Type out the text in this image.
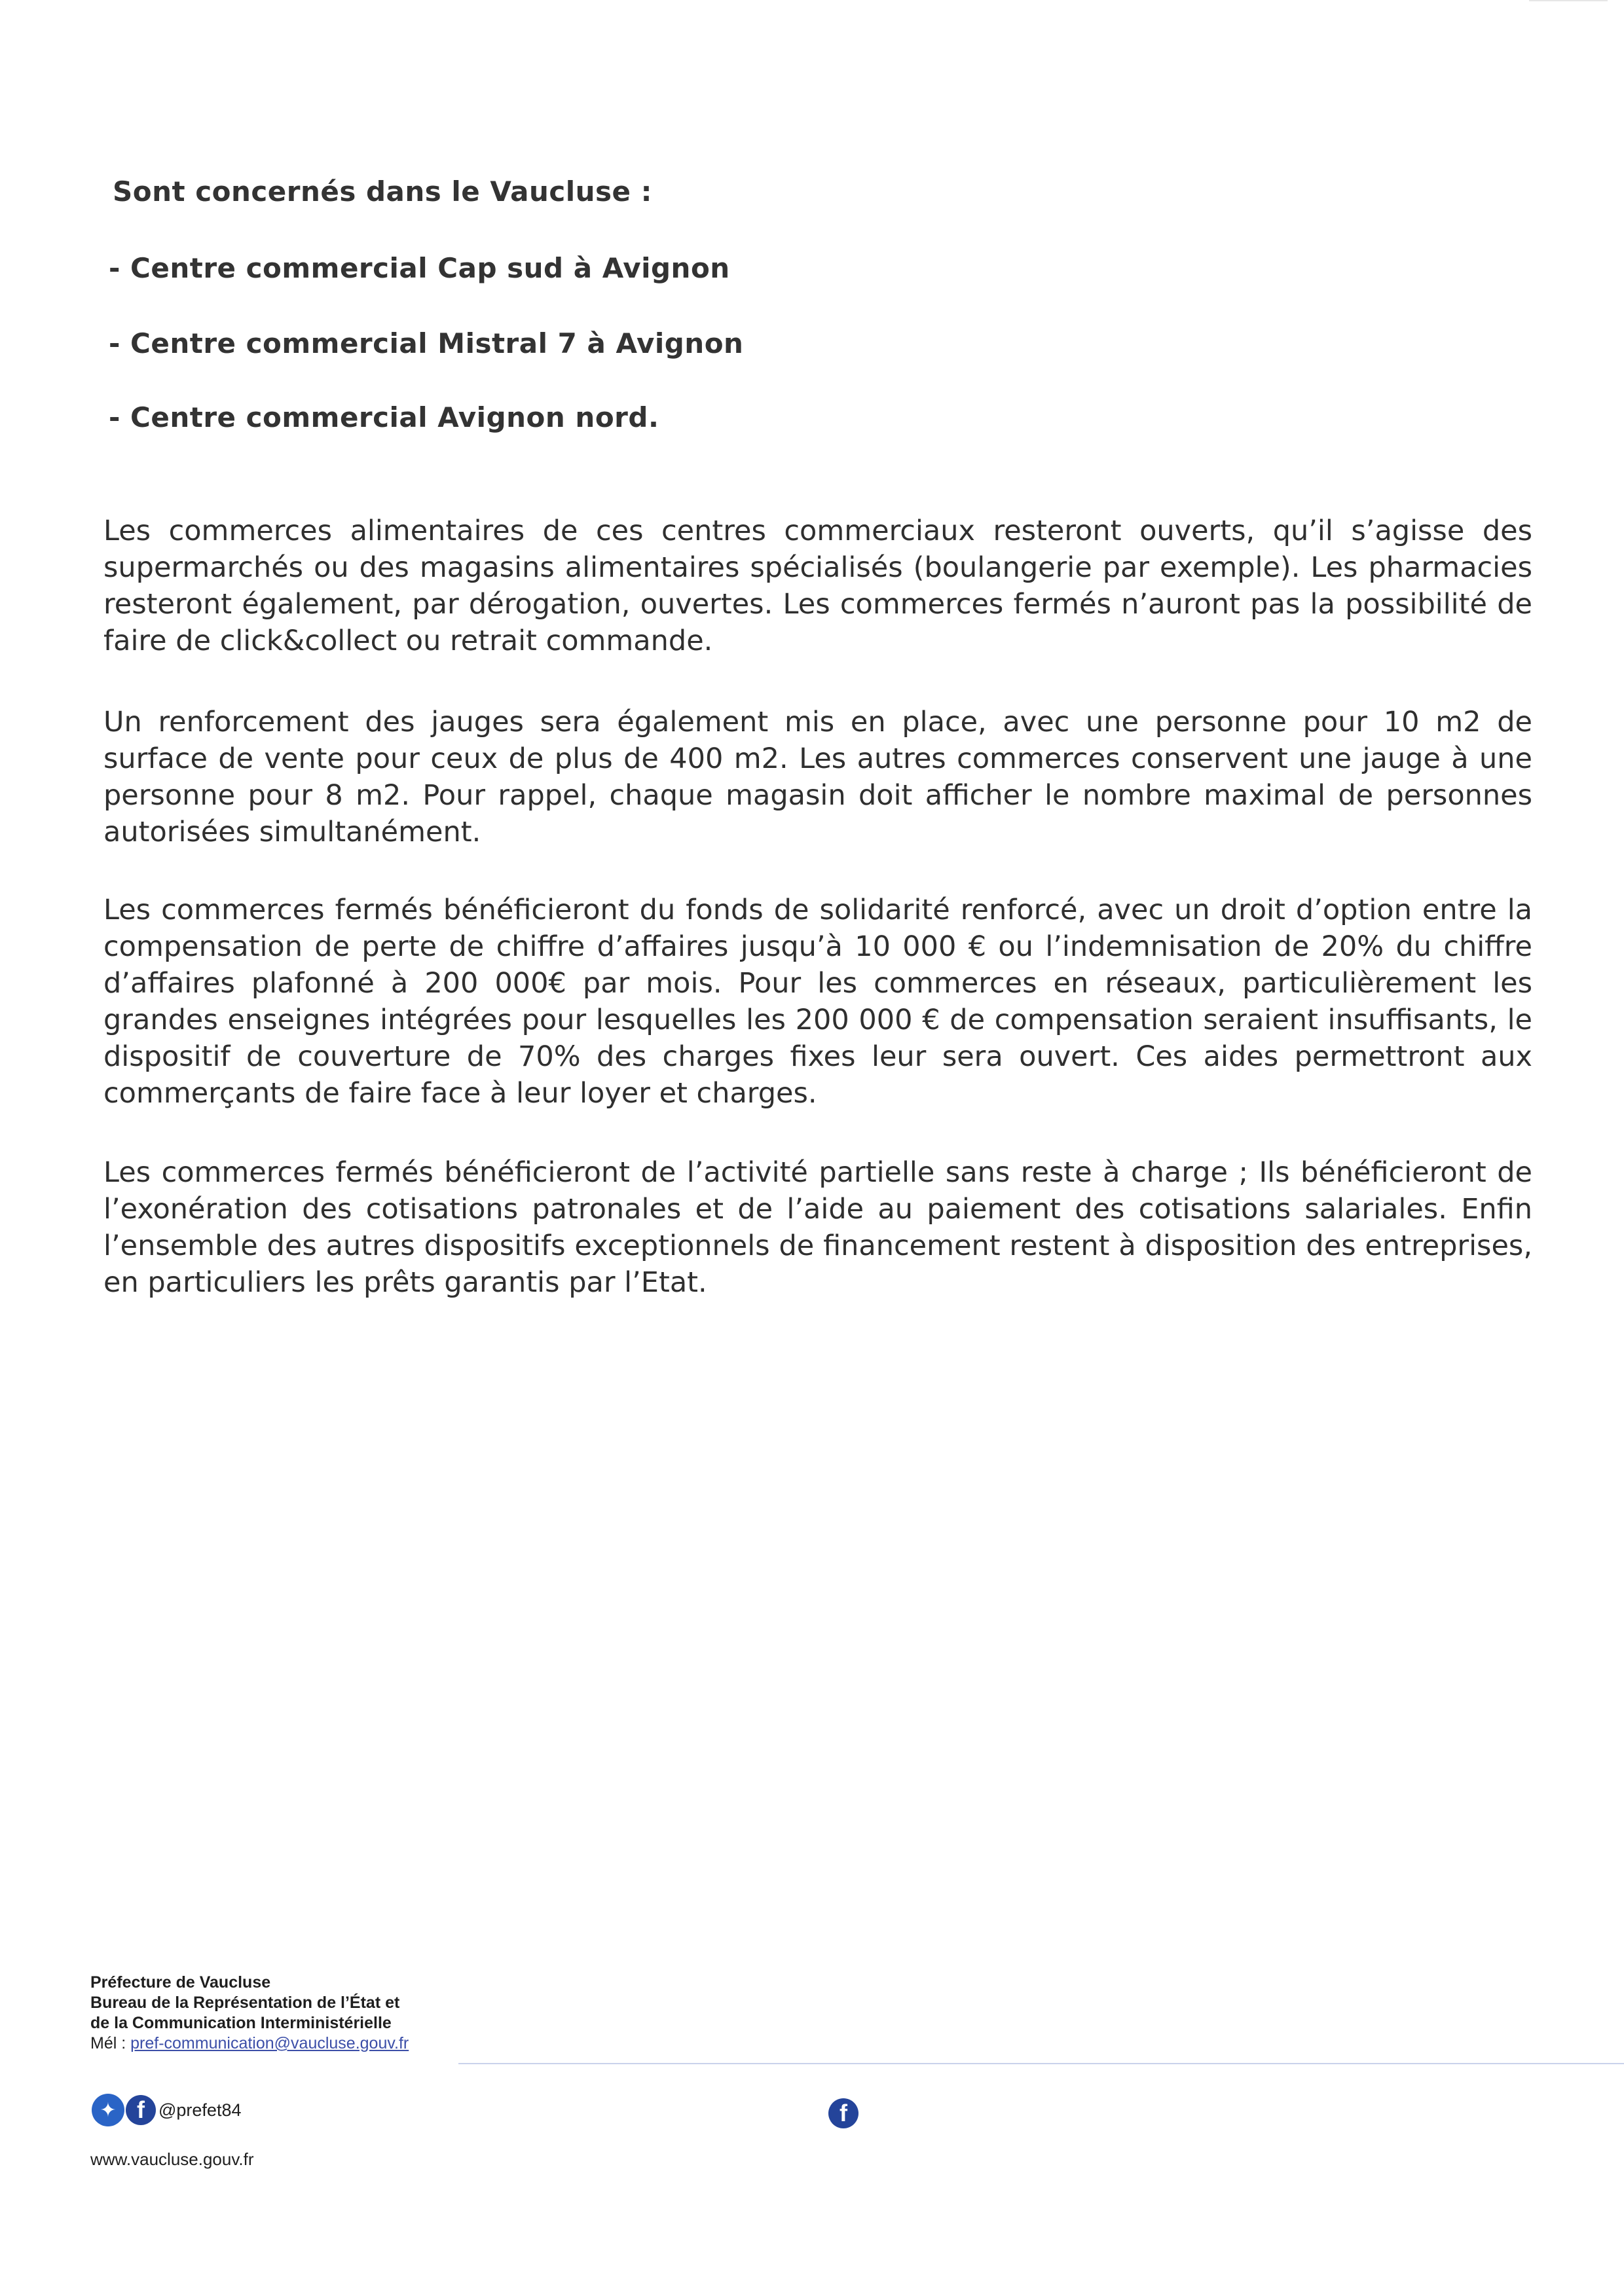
Sont concernés dans le Vaucluse :
- Centre commercial Cap sud à Avignon
- Centre commercial Mistral 7 à Avignon
- Centre commercial Avignon nord.
Les commerces alimentaires de ces centres commerciaux resteront ouverts, qu’il s’agisse des supermarchés ou des magasins alimentaires spécialisés (boulangerie par exemple). Les pharmacies resteront également, par dérogation, ouvertes. Les commerces fermés n’auront pas la possibilité de faire de click&collect ou retrait commande.
Un renforcement des jauges sera également mis en place, avec une personne pour 10 m2 de surface de vente pour ceux de plus de 400 m2. Les autres commerces conservent une jauge à une personne pour 8 m2. Pour rappel, chaque magasin doit afficher le nombre maximal de personnes autorisées simultanément.
Les commerces fermés bénéficieront du fonds de solidarité renforcé, avec un droit d’option entre la compensation de perte de chiffre d’affaires jusqu’à 10 000 € ou l’indemnisation de 20% du chiffre d’affaires plafonné à 200 000€ par mois. Pour les commerces en réseaux, particulièrement les grandes enseignes intégrées pour lesquelles les 200 000 € de compensation seraient insuffisants, le dispositif de couverture de 70% des charges fixes leur sera ouvert. Ces aides permettront aux commerçants de faire face à leur loyer et charges.
Les commerces fermés bénéficieront de l’activité partielle sans reste à charge ; Ils bénéficieront de l’exonération des cotisations patronales et de l’aide au paiement des cotisations salariales. Enfin l’ensemble des autres dispositifs exceptionnels de financement restent à disposition des entreprises, en particuliers les prêts garantis par l’Etat.
Préfecture de Vaucluse
Bureau de la Représentation de l’État et
de la Communication Interministérielle
Mél : pref-communication@vaucluse.gouv.fr
✦ f @prefet84	f
www.vaucluse.gouv.fr
